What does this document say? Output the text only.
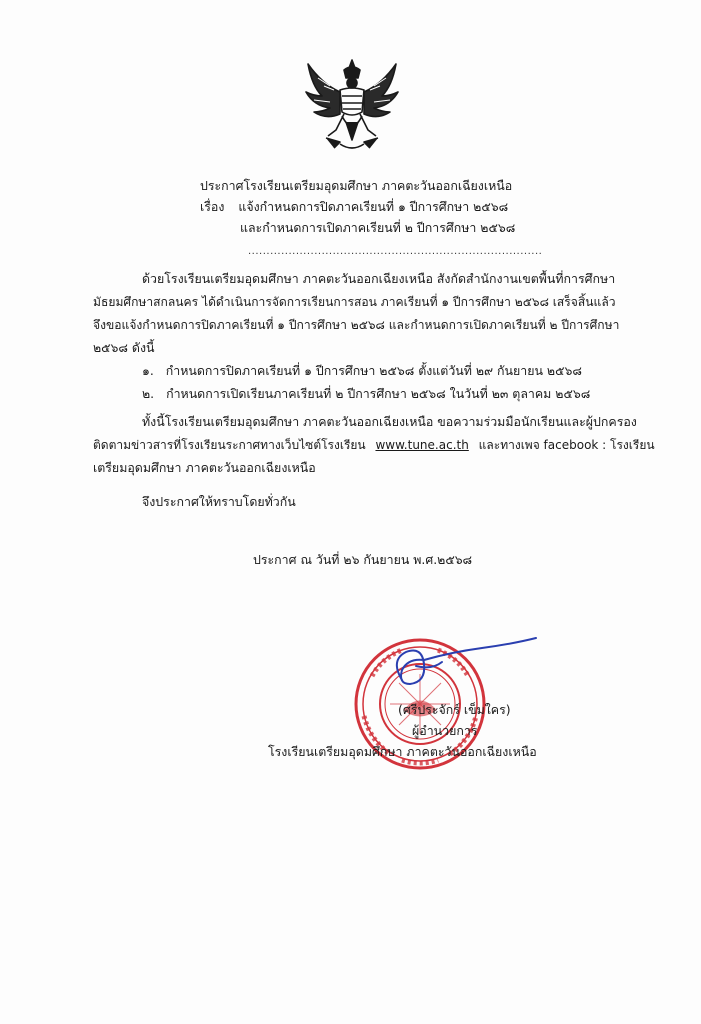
ประกาศโรงเรียนเตรียมอุดมศึกษา ภาคตะวันออกเฉียงเหนือ
เรื่อง แจ้งกำหนดการปิดภาคเรียนที่ ๑ ปีการศึกษา ๒๕๖๘
และกำหนดการเปิดภาคเรียนที่ ๒ ปีการศึกษา ๒๕๖๘
................................................................................
ด้วยโรงเรียนเตรียมอุดมศึกษา ภาคตะวันออกเฉียงเหนือ สังกัดสำนักงานเขตพื้นที่การศึกษา
มัธยมศึกษาสกลนคร ได้ดำเนินการจัดการเรียนการสอน ภาคเรียนที่ ๑ ปีการศึกษา ๒๕๖๘ เสร็จสิ้นแล้ว
จึงขอแจ้งกำหนดการปิดภาคเรียนที่ ๑ ปีการศึกษา ๒๕๖๘ และกำหนดการเปิดภาคเรียนที่ ๒ ปีการศึกษา
๒๕๖๘ ดังนี้
๑. กำหนดการปิดภาคเรียนที่ ๑ ปีการศึกษา ๒๕๖๘ ตั้งแต่วันที่ ๒๙ กันยายน ๒๕๖๘
๒. กำหนดการเปิดเรียนภาคเรียนที่ ๒ ปีการศึกษา ๒๕๖๘ ในวันที่ ๒๓ ตุลาคม ๒๕๖๘
ทั้งนี้โรงเรียนเตรียมอุดมศึกษา ภาคตะวันออกเฉียงเหนือ ขอความร่วมมือนักเรียนและผู้ปกครอง
ติดตามข่าวสารที่โรงเรียนระกาศทางเว็บไซต์โรงเรียน www.tune.ac.th และทางเพจ facebook : โรงเรียน
เตรียมอุดมศึกษา ภาคตะวันออกเฉียงเหนือ
จึงประกาศให้ทราบโดยทั่วกัน
ประกาศ ณ วันที่ ๒๖ กันยายน พ.ศ.๒๕๖๘
(ศรีประจักร์ เข็มใคร)
ผู้อำนวยการ
โรงเรียนเตรียมอุดมศึกษา ภาคตะวันออกเฉียงเหนือ
